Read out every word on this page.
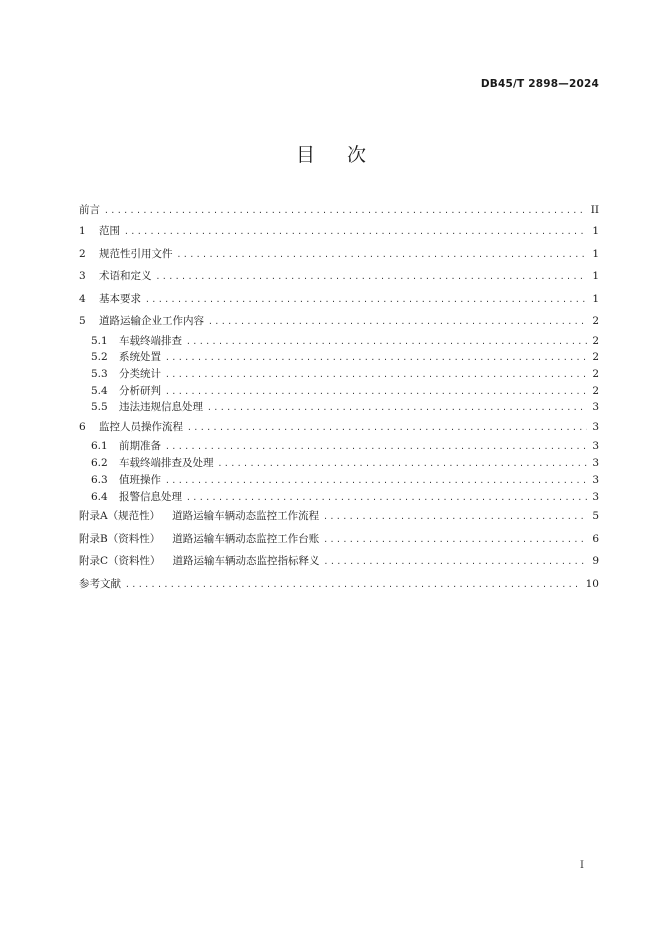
DB45/T 2898—2024
目 次
前言 .....	II
1	范围 .....	1
2	规范性引用文件 .....	1
3	术语和定义 .....	1
4	基本要求 .....	1
5	道路运输企业工作内容 .....	2
5.1	车载终端排查 .....	2
5.2	系统处置 .....	2
5.3	分类统计 .....	2
5.4	分析研判 .....	2
5.5	违法违规信息处理 .....	3
6	监控人员操作流程 .....	3
6.1	前期准备 .....	3
6.2	车载终端排查及处理 .....	3
6.3	值班操作 .....	3
6.4	报警信息处理 .....	3
附录A（规范性） 道路运输车辆动态监控工作流程 .....	5
附录B（资料性） 道路运输车辆动态监控工作台账 .....	6
附录C（资料性） 道路运输车辆动态监控指标释义 .....	9
参考文献 .....	10
I
